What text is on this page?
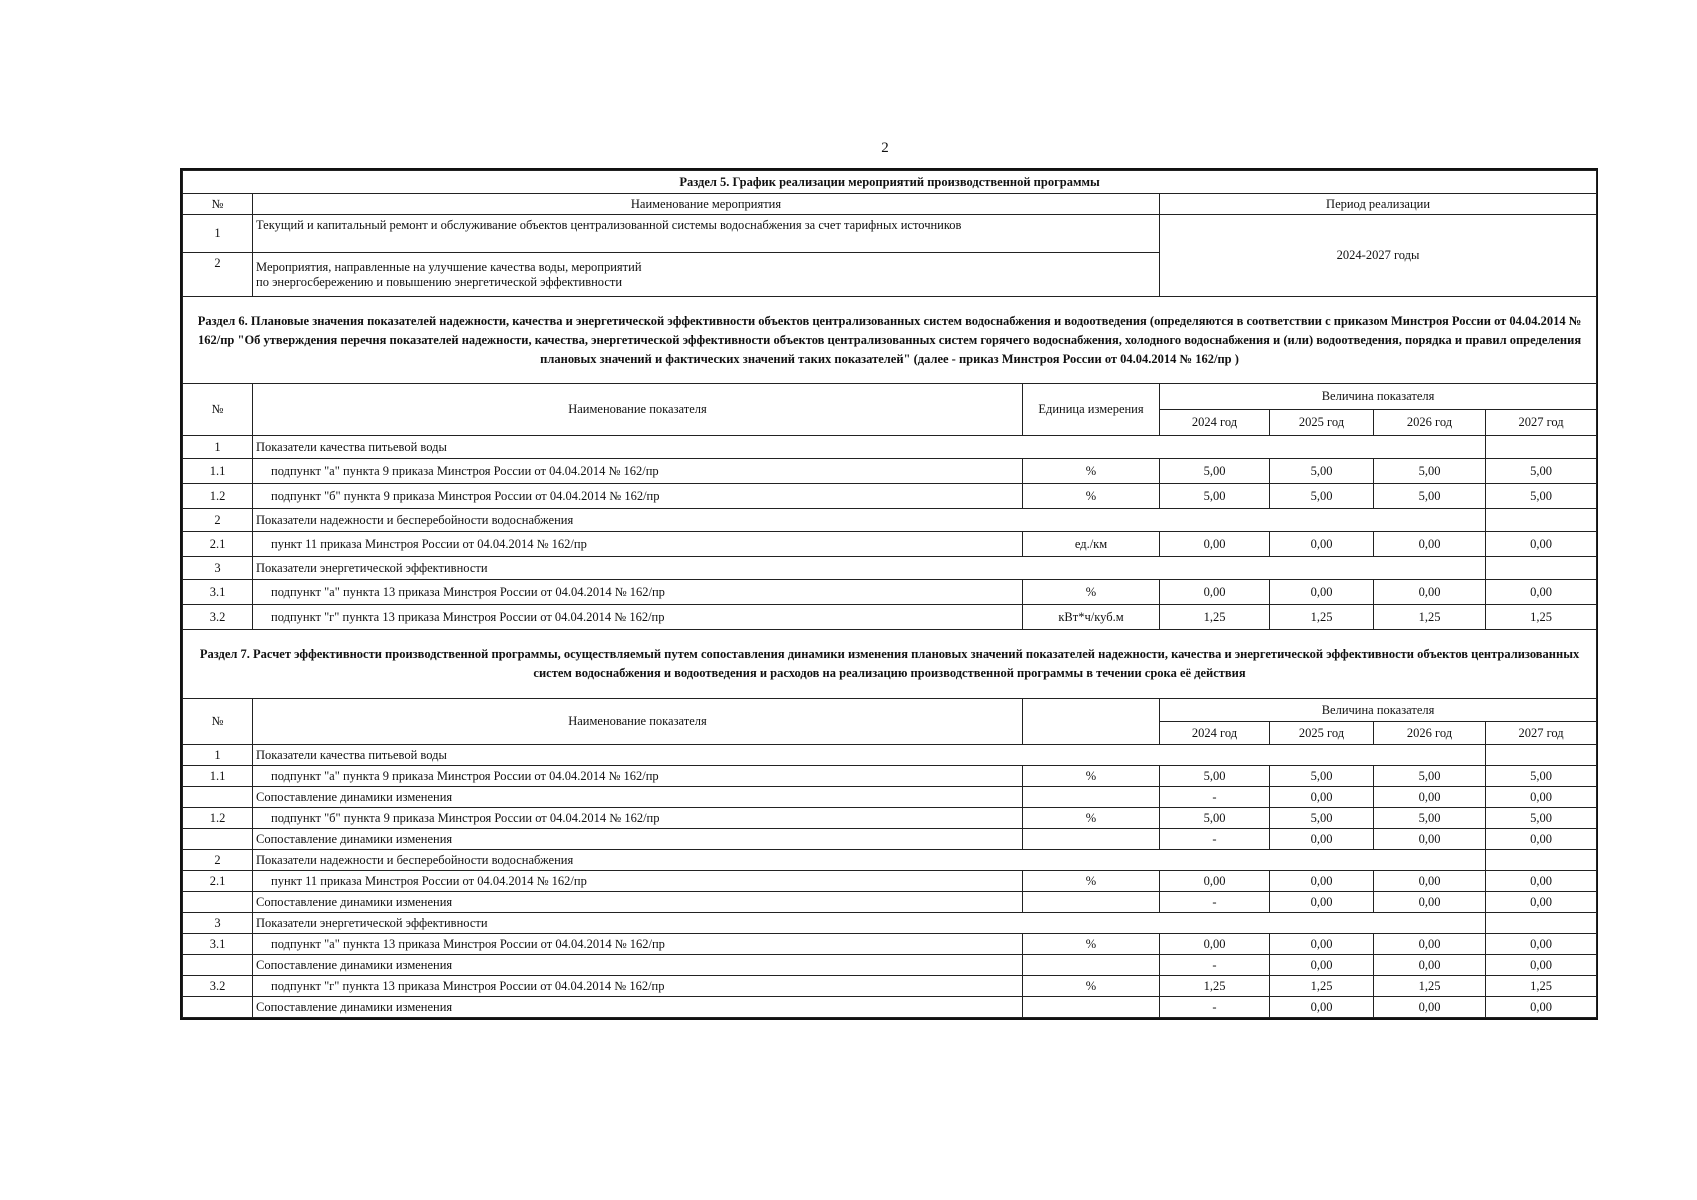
2
Раздел 5. График реализации мероприятий производственной программы						
№	Наименование мероприятия		Период реализации			
1	Текущий и капитальный ремонт и обслуживание объектов централизованной системы водоснабжения за счет тарифных источников		2024-2027 годы			
2	Мероприятия, направленные на улучшение качества воды, мероприятий
по энергосбережению и повышению энергетической эффективности					

Раздел 6. Плановые значения показателей надежности, качества и энергетической эффективности объектов централизованных систем водоснабжения и водоотведения (определяются в соответствии с приказом Минстроя России от 04.04.2014 № 162/пр "Об утверждения перечня показателей надежности, качества, энергетической эффективности объектов централизованных систем горячего водоснабжения, холодного водоснабжения и (или) водоотведения, порядка и правил определения плановых значений и фактических значений таких показателей" (далее - приказ Минстроя России от 04.04.2014 № 162/пр )						
№	Наименование показателя	Единица измерения	Величина показателя			
			2024 год	2025 год	2026 год	2027 год
1	Показатели качества питьевой воды					
1.1	подпункт "а" пункта 9 приказа Минстроя России от 04.04.2014 № 162/пр	%	5,00	5,00	5,00	5,00
1.2	подпункт "б" пункта 9 приказа Минстроя России от 04.04.2014 № 162/пр	%	5,00	5,00	5,00	5,00
2	Показатели надежности и бесперебойности водоснабжения					
2.1	пункт 11 приказа Минстроя России от 04.04.2014 № 162/пр	ед./км	0,00	0,00	0,00	0,00
3	Показатели энергетической эффективности					
3.1	подпункт "а" пункта 13 приказа Минстроя России от 04.04.2014 № 162/пр	%	0,00	0,00	0,00	0,00
3.2	подпункт "г" пункта 13 приказа Минстроя России от 04.04.2014 № 162/пр	кВт*ч/куб.м	1,25	1,25	1,25	1,25
Раздел 7. Расчет эффективности производственной программы, осуществляемый путем сопоставления динамики изменения плановых значений показателей надежности, качества и энергетической эффективности объектов централизованных систем водоснабжения и водоотведения и расходов на реализацию производственной программы в течении срока её действия						
№	Наименование показателя		Величина показателя			
			2024 год	2025 год	2026 год	2027 год
1	Показатели качества питьевой воды					
1.1	подпункт "а" пункта 9 приказа Минстроя России от 04.04.2014 № 162/пр	%	5,00	5,00	5,00	5,00
	Сопоставление динамики изменения		-	0,00	0,00	0,00
1.2	подпункт "б" пункта 9 приказа Минстроя России от 04.04.2014 № 162/пр	%	5,00	5,00	5,00	5,00
	Сопоставление динамики изменения		-	0,00	0,00	0,00
2	Показатели надежности и бесперебойности водоснабжения					
2.1	пункт 11 приказа Минстроя России от 04.04.2014 № 162/пр	%	0,00	0,00	0,00	0,00
	Сопоставление динамики изменения		-	0,00	0,00	0,00
3	Показатели энергетической эффективности					
3.1	подпункт "а" пункта 13 приказа Минстроя России от 04.04.2014 № 162/пр	%	0,00	0,00	0,00	0,00
	Сопоставление динамики изменения		-	0,00	0,00	0,00
3.2	подпункт "г" пункта 13 приказа Минстроя России от 04.04.2014 № 162/пр	%	1,25	1,25	1,25	1,25
	Сопоставление динамики изменения		-	0,00	0,00	0,00
